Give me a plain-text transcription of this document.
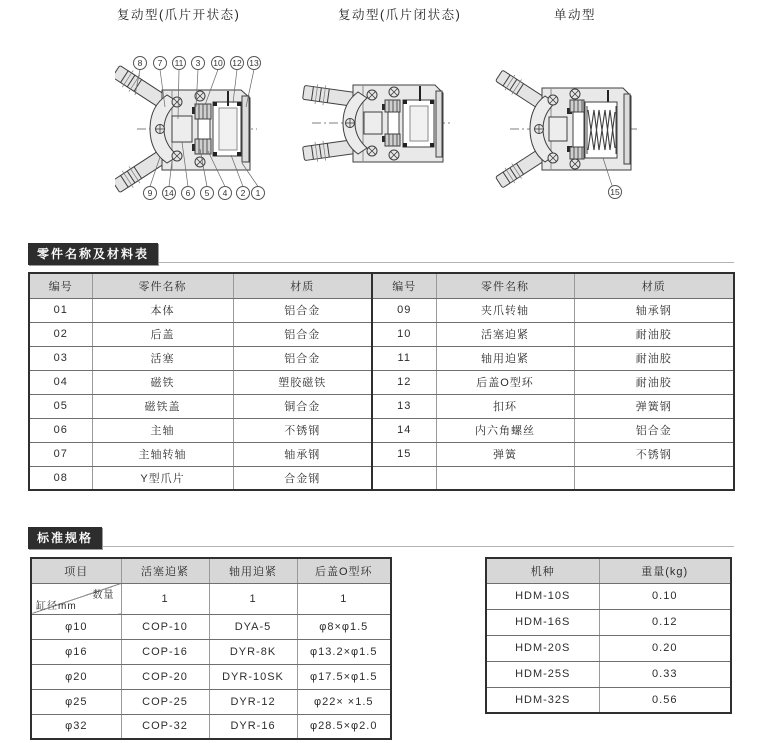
复动型(爪片开状态)	复动型(爪片闭状态)	单动型
8 7 11 3 10 12 13
9 14 6 5 4 2 1	15
零件名称及材料表
编号	零件名称	材质	编号	零件名称	材质
01	本体	铝合金	09	夹爪转轴	轴承钢
02	后盖	铝合金	10	活塞迫紧	耐油胶
03	活塞	铝合金	11	轴用迫紧	耐油胶
04	磁铁	塑胶磁铁	12	后盖O型环	耐油胶
05	磁铁盖	铜合金	13	扣环	弹簧钢
06	主轴	不锈钢	14	内六角螺丝	铝合金
07	主轴转轴	轴承钢	15	弹簧	不锈钢
08	Y型爪片	合金钢			
标准规格
项目	活塞迫紧	轴用迫紧	后盖O型环

数量
缸径mm	1	1	1
φ10	COP-10	DYA-5	φ8×φ1.5
φ16	COP-16	DYR-8K	φ13.2×φ1.5
φ20	COP-20	DYR-10SK	φ17.5×φ1.5
φ25	COP-25	DYR-12	φ22× ×1.5
φ32	COP-32	DYR-16	φ28.5×φ2.0
机种	重量(kg)
HDM-10S	0.10
HDM-16S	0.12
HDM-20S	0.20
HDM-25S	0.33
HDM-32S	0.56
